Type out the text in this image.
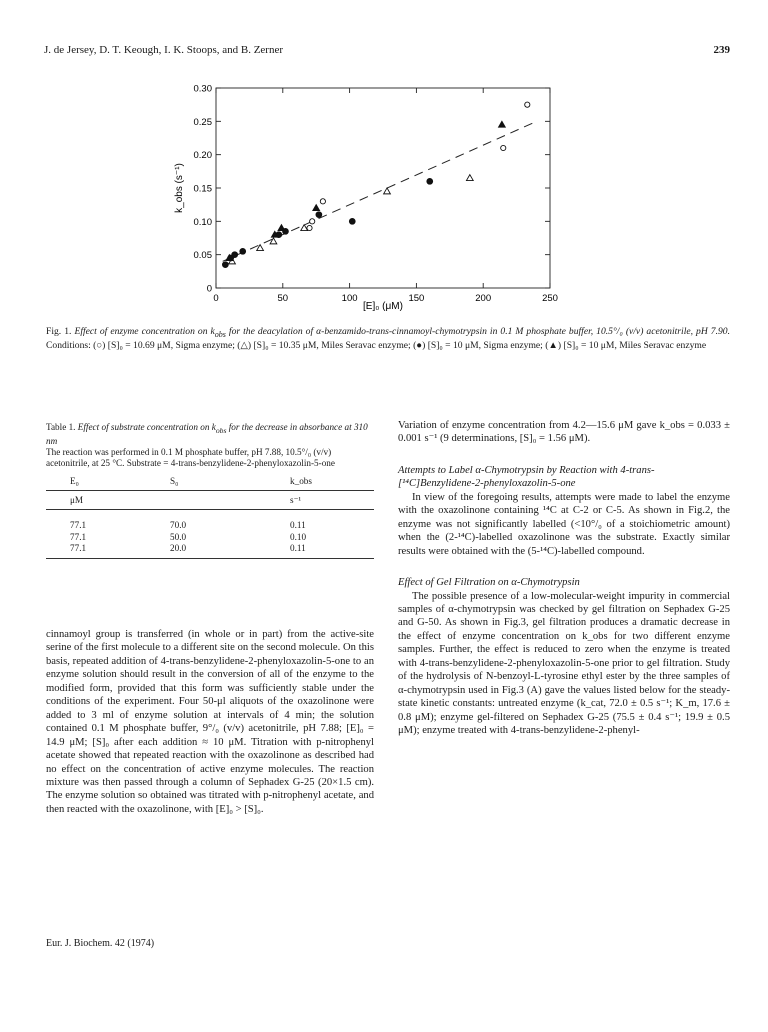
J. de Jersey, D. T. Keough, I. K. Stoops, and B. Zerner	239
0	50	100	150	200	250
0
0.05
0.10
0.15
0.20
0.25
0.30
k_obs (s⁻¹)
[E]₀ (μM)
Fig. 1. Effect of enzyme concentration on $k_{obs}$ for the deacylation of α-benzamido-trans-cinnamoyl-chymotrypsin in 0.1 M phosphate buffer, 10.5°/₀ (v/v) acetonitrile, pH 7.90. Conditions: (○) [S]₀ = 10.69 μM, Sigma enzyme; (△) [S]₀ = 10.35 μM, Miles Seravac enzyme; (●) [S]₀ = 10 μM, Sigma enzyme; (▲) [S]₀ = 10 μM, Miles Seravac enzyme
Table 1. Effect of substrate concentration on $k_{obs}$ for the decrease in absorbance at 310 nm
The reaction was performed in 0.1 M phosphate buffer, pH 7.88, 10.5°/₀ (v/v) acetonitrile, at 25 °C. Substrate = 4-trans-benzylidene-2-phenyloxazolin-5-one
E₀	S₀	k_obs
μM		s⁻¹
77.1	70.0	0.11
77.1	50.0	0.10
77.1	20.0	0.11

cinnamoyl group is transferred (in whole or in part) from the active-site serine of the first molecule to a different site on the second molecule. On this basis, repeated addition of 4-trans-benzylidene-2-phenyloxazolin-5-one to an enzyme solution should result in the conversion of all of the enzyme to the modified form, provided that this form was sufficiently stable under the conditions of the experiment. Four 50-μl aliquots of the oxazolinone were added to 3 ml of enzyme solution at intervals of 4 min; the solution contained 0.1 M phosphate buffer, 9°/₀ (v/v) acetonitrile, pH 7.88; [E]₀ = 14.9 μM; [S]₀ after each addition ≈ 10 μM. Titration with p-nitrophenyl acetate showed that repeated reaction with the oxazolinone as described had no effect on the concentration of active enzyme molecules. The reaction mixture was then passed through a column of Sephadex G-25 (20×1.5 cm). The enzyme solution so obtained was titrated with p-nitrophenyl acetate, and then reacted with the oxazolinone, with [E]₀ > [S]₀.

Variation of enzyme concentration from 4.2—15.6 μM gave k_obs = 0.033 ± 0.001 s⁻¹ (9 determinations, [S]₀ = 1.56 μM).

Attempts to Label α-Chymotrypsin by Reaction with 4-trans-[¹⁴C]Benzylidene-2-phenyloxazolin-5-one

In view of the foregoing results, attempts were made to label the enzyme with the oxazolinone containing ¹⁴C at C-2 or C-5. As shown in Fig.2, the enzyme was not significantly labelled (<10°/₀ of a stoichiometric amount) when the (2-¹⁴C)-labelled oxazolinone was the substrate. Exactly similar results were obtained with the (5-¹⁴C)-labelled compound.

Effect of Gel Filtration on α-Chymotrypsin

The possible presence of a low-molecular-weight impurity in commercial samples of α-chymotrypsin was checked by gel filtration on Sephadex G-25 and G-50. As shown in Fig.3, gel filtration produces a dramatic decrease in the effect of enzyme concentration on k_obs for two different enzyme samples. Further, the effect is reduced to zero when the enzyme is treated with 4-trans-benzylidene-2-phenyloxazolin-5-one prior to gel filtration. Study of the hydrolysis of N-benzoyl-L-tyrosine ethyl ester by the three samples of α-chymotrypsin used in Fig.3 (A) gave the values listed below for the steady-state kinetic constants: untreated enzyme (k_cat, 72.0 ± 0.5 s⁻¹; K_m, 17.6 ± 0.8 μM); enzyme gel-filtered on Sephadex G-25 (75.5 ± 0.4 s⁻¹; 19.9 ± 0.5 μM); enzyme treated with 4-trans-benzylidene-2-phenyl-

Eur. J. Biochem. 42 (1974)
